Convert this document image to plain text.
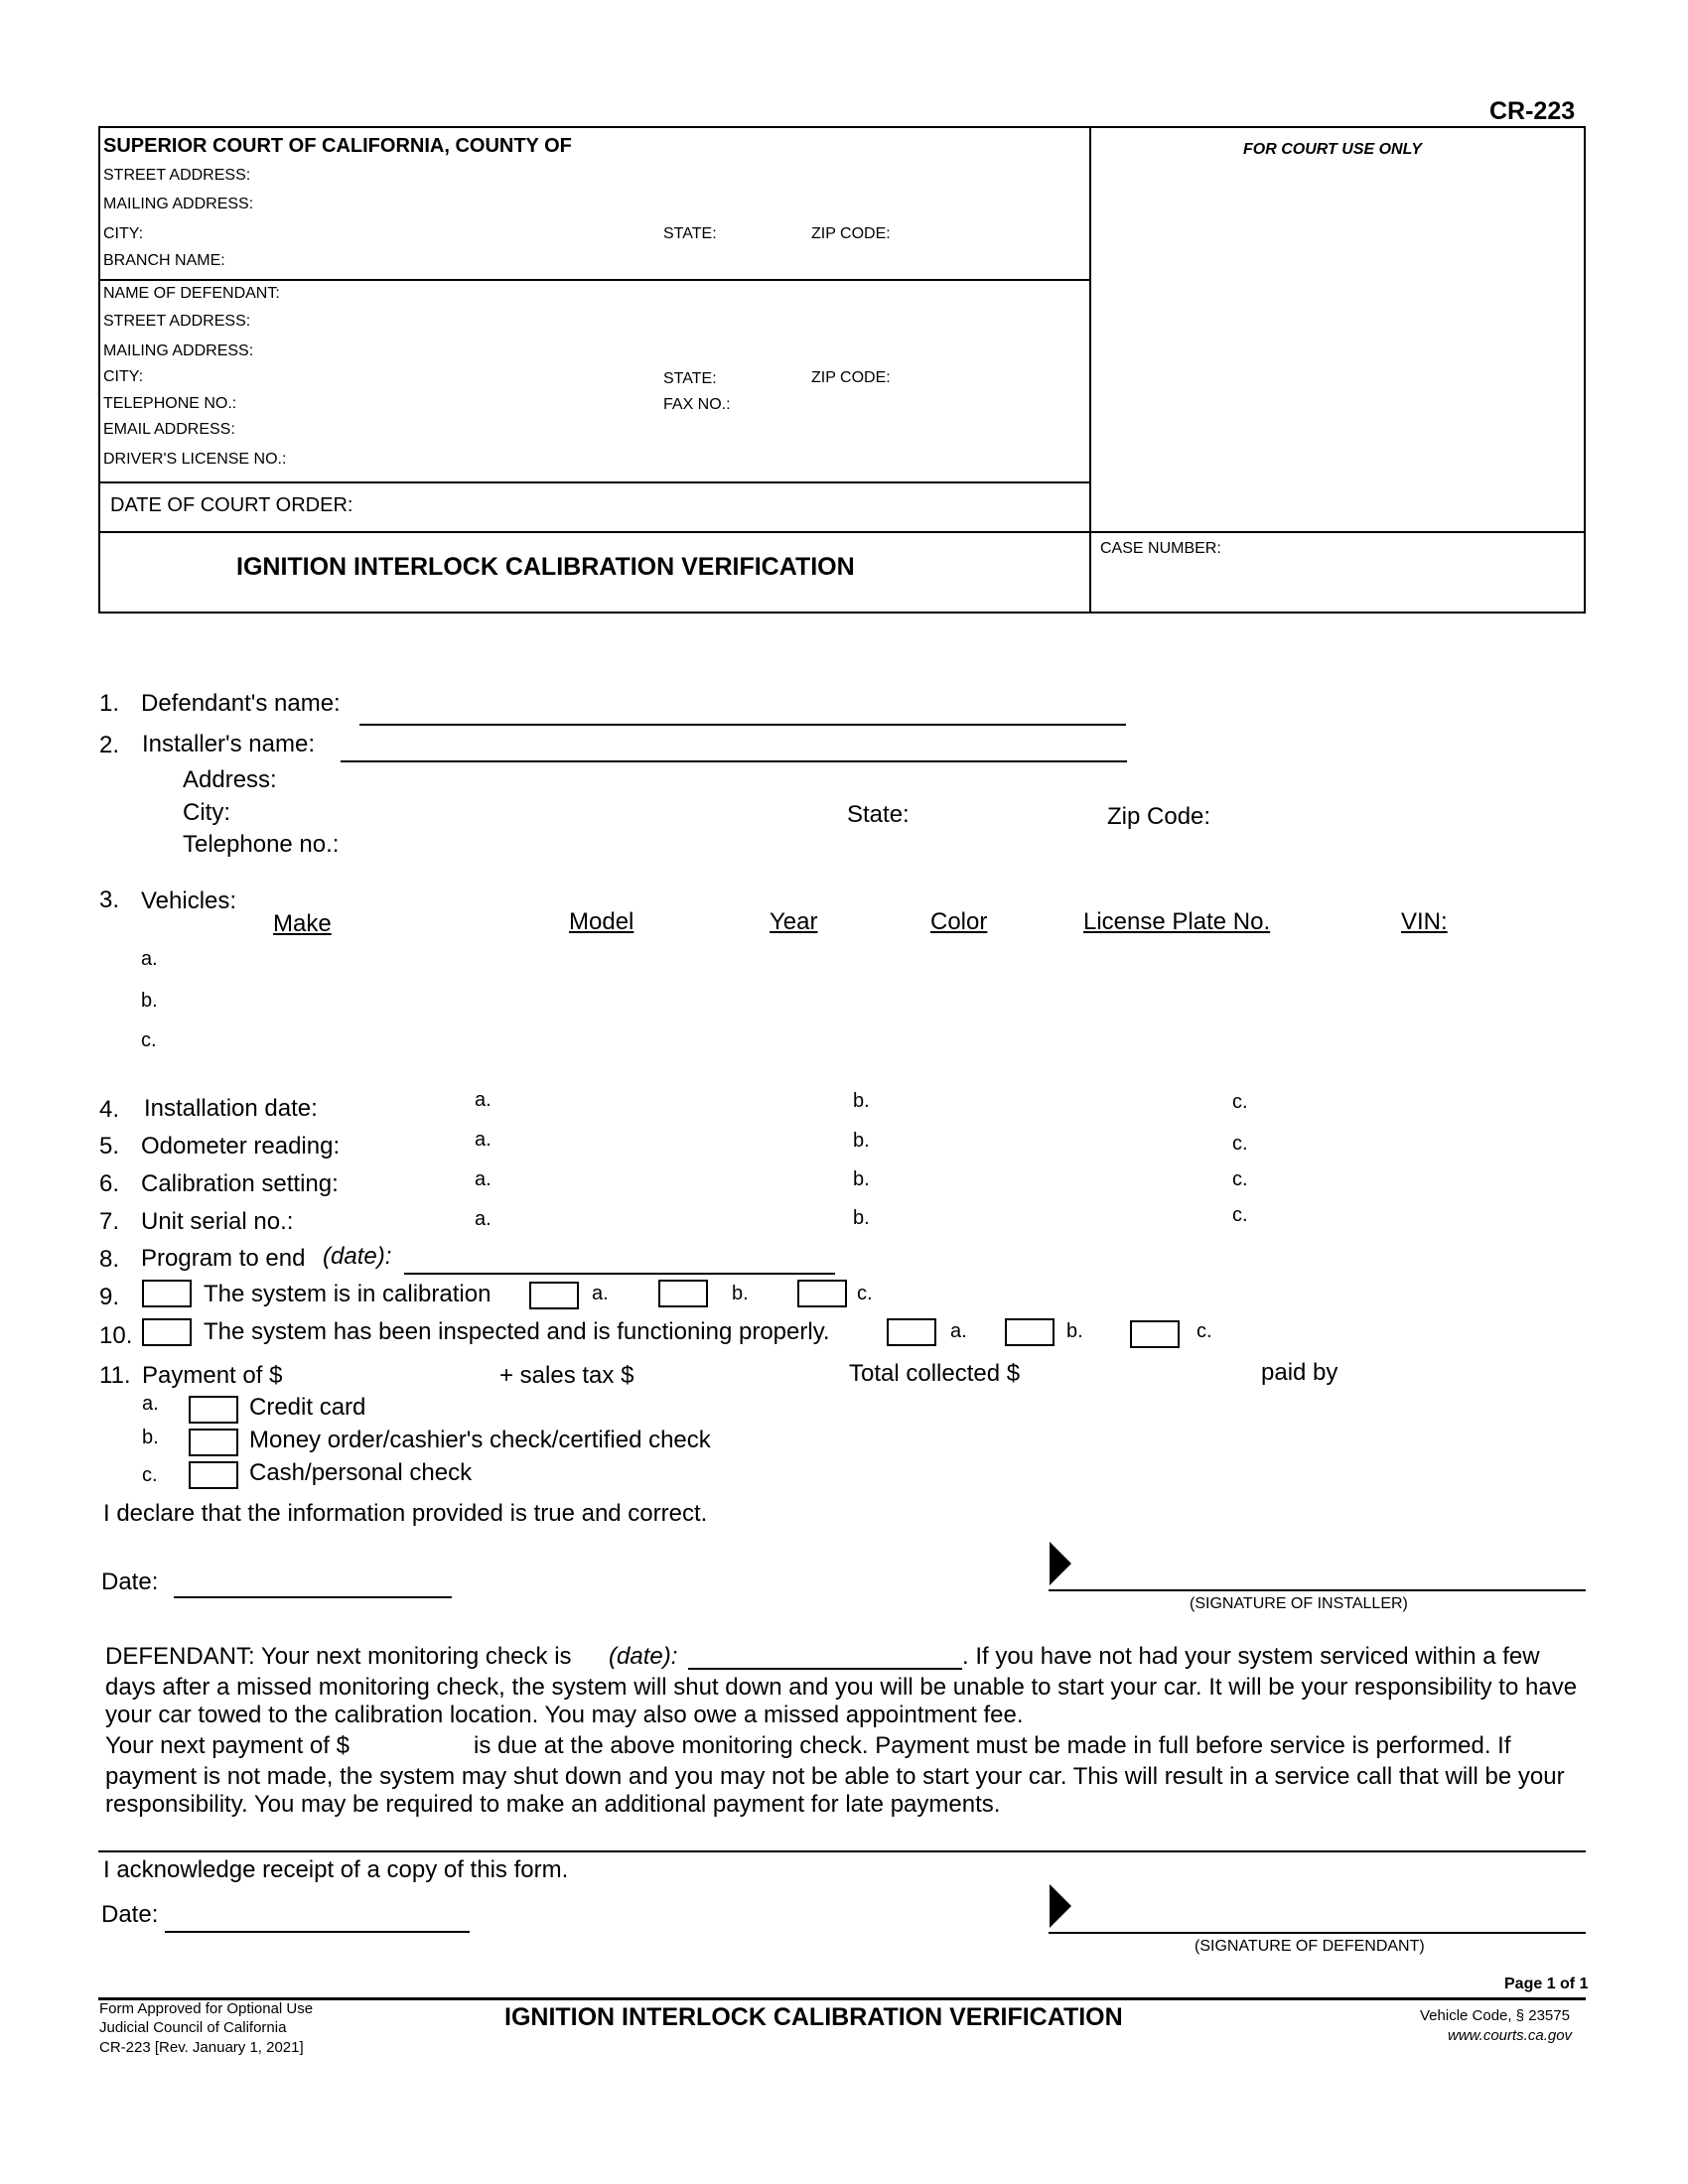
CR-223
SUPERIOR COURT OF CALIFORNIA, COUNTY OF
STREET ADDRESS:
MAILING ADDRESS:
CITY:	STATE:	ZIP CODE:
BRANCH NAME:
FOR COURT USE ONLY
NAME OF DEFENDANT:
STREET ADDRESS:
MAILING ADDRESS:
CITY:	STATE:	ZIP CODE:
TELEPHONE NO.:	FAX NO.:
EMAIL ADDRESS:
DRIVER'S LICENSE NO.:
DATE OF COURT ORDER:
IGNITION INTERLOCK CALIBRATION VERIFICATION
CASE NUMBER:
1. Defendant's name:
2. Installer's name:
Address:
City:	State:	Zip Code:
Telephone no.:
3. Vehicles:
Make	Model	Year	Color	License Plate No.	VIN:
a.
b.
c.
4. Installation date:	a.	b.	c.
5. Odometer reading:	a.	b.	c.
6. Calibration setting:	a.	b.	c.
7. Unit serial no.:	a.	b.	c.
8. Program to end (date):
9.	The system is in calibration	a.	b.	c.
10.	The system has been inspected and is functioning properly.	a.	b.	c.
11. Payment of $	+ sales tax $	Total collected $	paid by
a.	Credit card
b.	Money order/cashier's check/certified check
c.	Cash/personal check
I declare that the information provided is true and correct.
Date:
(SIGNATURE OF INSTALLER)
DEFENDANT: Your next monitoring check is (date):	. If you have not had your system serviced within a few
days after a missed monitoring check, the system will shut down and you will be unable to start your car. It will be your responsibility to have your car towed to the calibration location. You may also owe a missed appointment fee.
Your next payment of $	is due at the above monitoring check. Payment must be made in full before service is performed. If
payment is not made, the system may shut down and you may not be able to start your car. This will result in a service call that will be your responsibility. You may be required to make an additional payment for late payments.
I acknowledge receipt of a copy of this form.
Date:
(SIGNATURE OF DEFENDANT)
Page 1 of 1
Form Approved for Optional Use
Judicial Council of California
CR-223 [Rev. January 1, 2021]
IGNITION INTERLOCK CALIBRATION VERIFICATION	Vehicle Code, § 23575
www.courts.ca.gov
